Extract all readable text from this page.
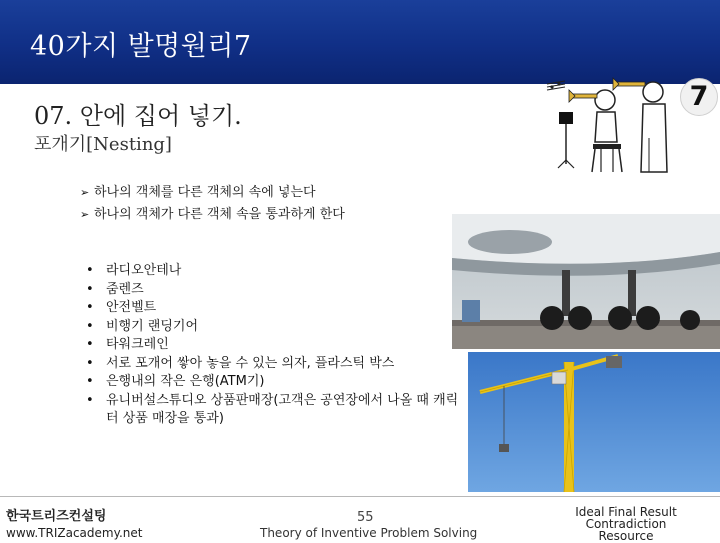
40가지 발명원리7
07. 안에 집어 넣기.
포개기[Nesting]
7
➢ 하나의 객체를 다른 객체의 속에 넣는다
➢ 하나의 객체가 다른 객체 속을 통과하게 한다
• 라디오안테나
• 줌렌즈
• 안전벨트
• 비행기 랜딩기어
• 타워크레인
• 서로 포개어 쌓아 놓을 수 있는 의자, 플라스틱 박스
• 은행내의 작은 은행(ATM기)
• 유니버설스튜디오 상품판매장(고객은 공연장에서 나올 때 캐릭터 상품 매장을 통과)
한국트리즈컨설팅
www.TRIZacademy.net
55
Theory of Inventive Problem Solving
Ideal Final Result
Contradiction
Resource
